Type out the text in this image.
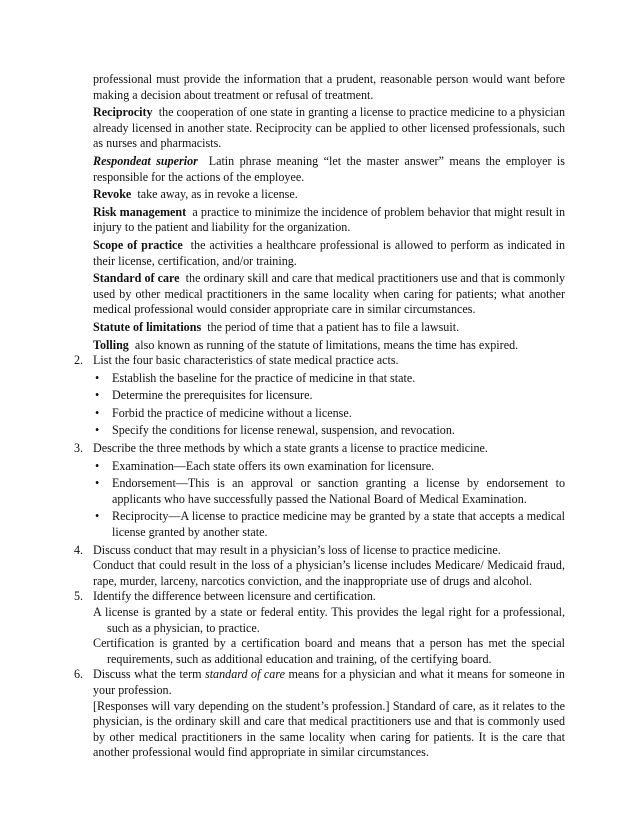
professional must provide the information that a prudent, reasonable person would want before making a decision about treatment or refusal of treatment.

Reciprocity the cooperation of one state in granting a license to practice medicine to a physician already licensed in another state. Reciprocity can be applied to other licensed professionals, such as nurses and pharmacists.

Respondeat superior Latin phrase meaning “let the master answer” means the employer is responsible for the actions of the employee.

Revoke take away, as in revoke a license.

Risk management a practice to minimize the incidence of problem behavior that might result in injury to the patient and liability for the organization.

Scope of practice the activities a healthcare professional is allowed to perform as indicated in their license, certification, and/or training.

Standard of care the ordinary skill and care that medical practitioners use and that is commonly used by other medical practitioners in the same locality when caring for patients; what another medical professional would consider appropriate care in similar circumstances.

Statute of limitations the period of time that a patient has to file a lawsuit.

Tolling also known as running of the statute of limitations, means the time has expired.

2. List the four basic characteristics of state medical practice acts.
• Establish the baseline for the practice of medicine in that state.
• Determine the prerequisites for licensure.
• Forbid the practice of medicine without a license.
• Specify the conditions for license renewal, suspension, and revocation.
3. Describe the three methods by which a state grants a license to practice medicine.
• Examination—Each state offers its own examination for licensure.
• Endorsement—This is an approval or sanction granting a license by endorsement to applicants who have successfully passed the National Board of Medical Examination.
• Reciprocity—A license to practice medicine may be granted by a state that accepts a medical license granted by another state.
4. Discuss conduct that may result in a physician’s loss of license to practice medicine.

Conduct that could result in the loss of a physician’s license includes Medicare/ Medicaid fraud, rape, murder, larceny, narcotics conviction, and the inappropriate use of drugs and alcohol.

5. Identify the difference between licensure and certification.

A license is granted by a state or federal entity. This provides the legal right for a professional, such as a physician, to practice.

Certification is granted by a certification board and means that a person has met the special requirements, such as additional education and training, of the certifying board.

6. Discuss what the term standard of care means for a physician and what it means for someone in your profession.

[Responses will vary depending on the student’s profession.] Standard of care, as it relates to the physician, is the ordinary skill and care that medical practitioners use and that is commonly used by other medical practitioners in the same locality when caring for patients. It is the care that another professional would find appropriate in similar circumstances.
